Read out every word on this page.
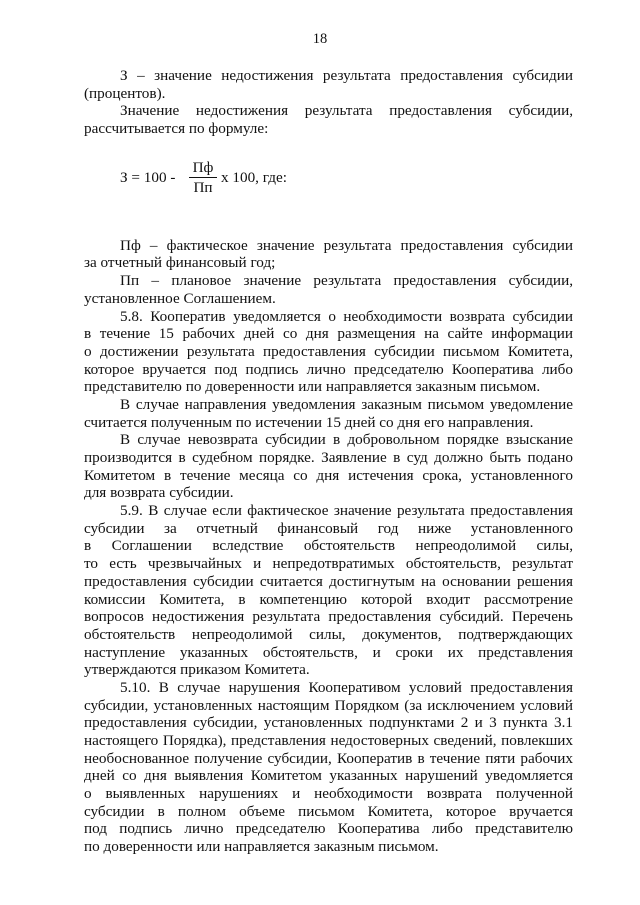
18
З – значение недостижения результата предоставления субсидии
(процентов).
Значение недостижения результата предоставления субсидии,
рассчитывается по формуле:
З = 100 -
Пф
Пп
x 100, где:
Пф – фактическое значение результата предоставления субсидии
за отчетный финансовый год;
Пп – плановое значение результата предоставления субсидии,
установленное Соглашением.
5.8. Кооператив уведомляется о необходимости возврата субсидии
в течение 15 рабочих дней со дня размещения на сайте информации
о достижении результата предоставления субсидии письмом Комитета,
которое вручается под подпись лично председателю Кооператива либо
представителю по доверенности или направляется заказным письмом.
В случае направления уведомления заказным письмом уведомление
считается полученным по истечении 15 дней со дня его направления.
В случае невозврата субсидии в добровольном порядке взыскание
производится в судебном порядке. Заявление в суд должно быть подано
Комитетом в течение месяца со дня истечения срока, установленного
для возврата субсидии.
5.9. В случае если фактическое значение результата предоставления
субсидии за отчетный финансовый год ниже установленного
в Соглашении вследствие обстоятельств непреодолимой силы,
то есть чрезвычайных и непредотвратимых обстоятельств, результат
предоставления субсидии считается достигнутым на основании решения
комиссии Комитета, в компетенцию которой входит рассмотрение
вопросов недостижения результата предоставления субсидий. Перечень
обстоятельств непреодолимой силы, документов, подтверждающих
наступление указанных обстоятельств, и сроки их представления
утверждаются приказом Комитета.
5.10. В случае нарушения Кооперативом условий предоставления
субсидии, установленных настоящим Порядком (за исключением условий
предоставления субсидии, установленных подпунктами 2 и 3 пункта 3.1
настоящего Порядка), представления недостоверных сведений, повлекших
необоснованное получение субсидии, Кооператив в течение пяти рабочих
дней со дня выявления Комитетом указанных нарушений уведомляется
о выявленных нарушениях и необходимости возврата полученной
субсидии в полном объеме письмом Комитета, которое вручается
под подпись лично председателю Кооператива либо представителю
по доверенности или направляется заказным письмом.
